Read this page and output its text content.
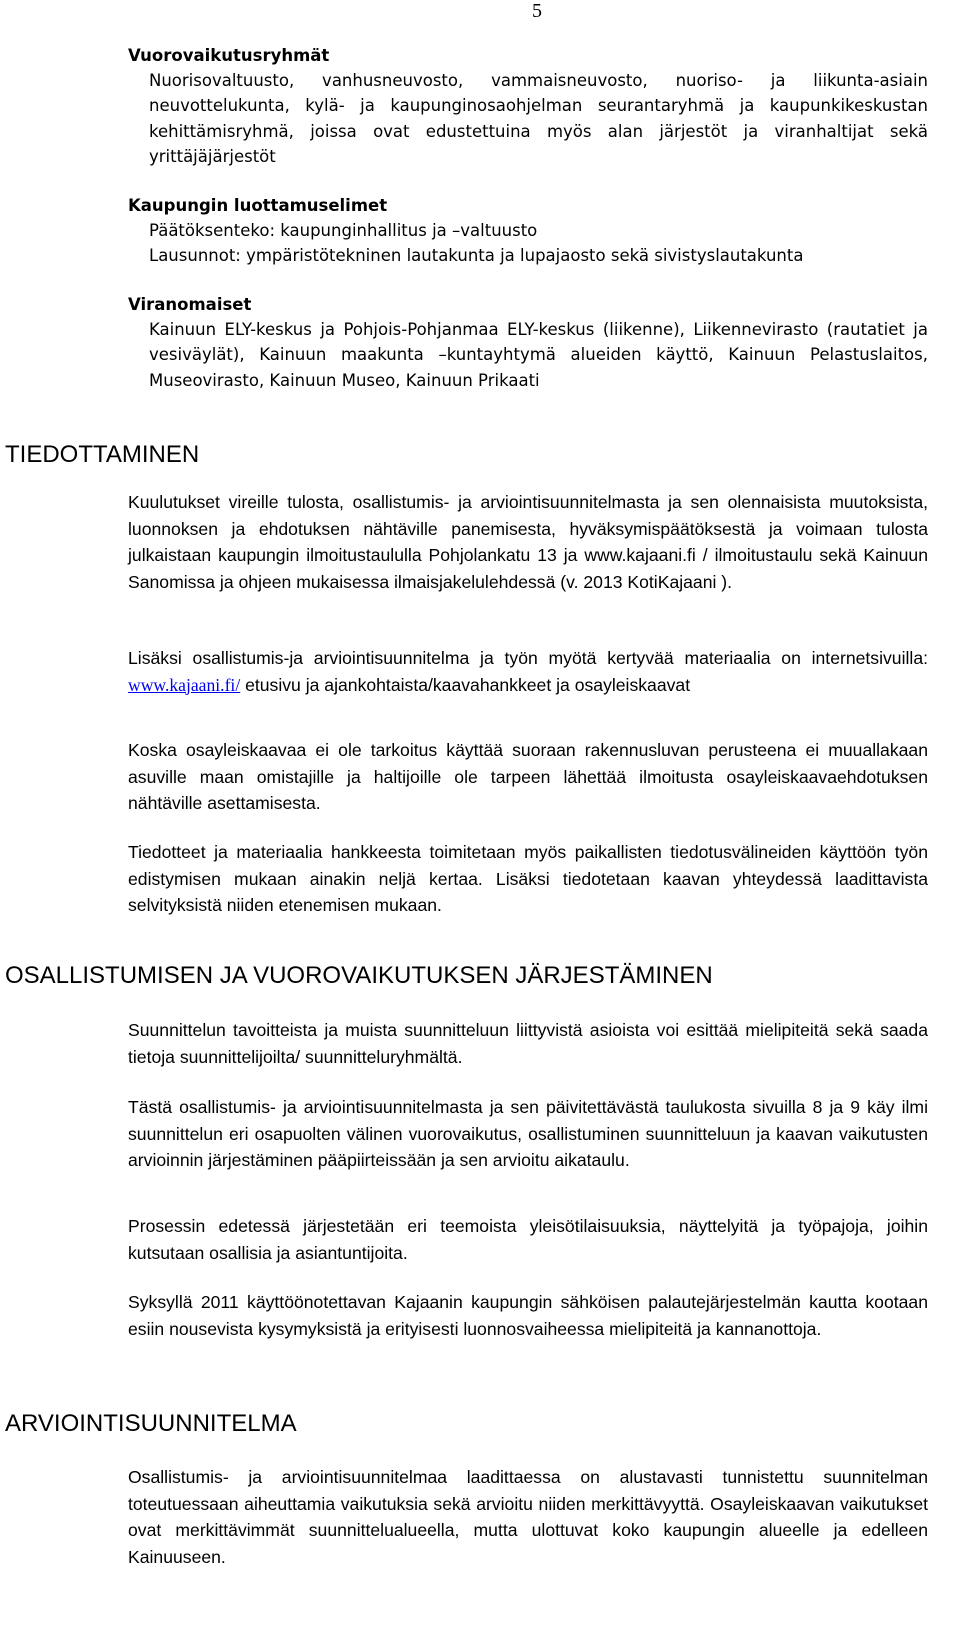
5
Vuorovaikutusryhmät

Nuorisovaltuusto, vanhusneuvosto, vammaisneuvosto, nuoriso- ja liikunta-asiain neuvottelukunta, kylä- ja kaupunginosaohjelman seurantaryhmä ja kaupunkikeskustan kehittämisryhmä, joissa ovat edustettuina myös alan järjestöt ja viranhaltijat sekä yrittäjäjärjestöt

Kaupungin luottamuselimet

Päätöksenteko: kaupunginhallitus ja –valtuusto

Lausunnot: ympäristötekninen lautakunta ja lupajaosto sekä sivistyslautakunta

Viranomaiset

Kainuun ELY-keskus ja Pohjois-Pohjanmaa ELY-keskus (liikenne), Liikennevirasto (rautatiet ja vesiväylät), Kainuun maakunta –kuntayhtymä alueiden käyttö, Kainuun Pelastuslaitos, Museovirasto, Kainuun Museo, Kainuun Prikaati

TIEDOTTAMINEN

Kuulutukset vireille tulosta, osallistumis- ja arviointisuunnitelmasta ja sen olennaisista muutoksista, luonnoksen ja ehdotuksen nähtäville panemisesta, hyväksymispäätöksestä ja voimaan tulosta julkaistaan kaupungin ilmoitustaululla Pohjolankatu 13 ja www.kajaani.fi / ilmoitustaulu sekä Kainuun Sanomissa ja ohjeen mukaisessa ilmaisjakelulehdessä (v. 2013 KotiKajaani ).

Lisäksi osallistumis-ja arviointisuunnitelma ja työn myötä kertyvää materiaalia on internetsivuilla: www.kajaani.fi/ etusivu ja ajankohtaista/kaavahankkeet ja osayleiskaavat

Koska osayleiskaavaa ei ole tarkoitus käyttää suoraan rakennusluvan perusteena ei muuallakaan asuville maan omistajille ja haltijoille ole tarpeen lähettää ilmoitusta osayleiskaavaehdotuksen nähtäville asettamisesta.

Tiedotteet ja materiaalia hankkeesta toimitetaan myös paikallisten tiedotusvälineiden käyttöön työn edistymisen mukaan ainakin neljä kertaa. Lisäksi tiedotetaan kaavan yhteydessä laadittavista selvityksistä niiden etenemisen mukaan.

OSALLISTUMISEN JA VUOROVAIKUTUKSEN JÄRJESTÄMINEN

Suunnittelun tavoitteista ja muista suunnitteluun liittyvistä asioista voi esittää mielipiteitä sekä saada tietoja suunnittelijoilta/ suunnitteluryhmältä.

Tästä osallistumis- ja arviointisuunnitelmasta ja sen päivitettävästä taulukosta sivuilla 8 ja 9 käy ilmi suunnittelun eri osapuolten välinen vuorovaikutus, osallistuminen suunnitteluun ja kaavan vaikutusten arvioinnin järjestäminen pääpiirteissään ja sen arvioitu aikataulu.

Prosessin edetessä järjestetään eri teemoista yleisötilaisuuksia, näyttelyitä ja työpajoja, joihin kutsutaan osallisia ja asiantuntijoita.

Syksyllä 2011 käyttöönotettavan Kajaanin kaupungin sähköisen palautejärjestelmän kautta kootaan esiin nousevista kysymyksistä ja erityisesti luonnosvaiheessa mielipiteitä ja kannanottoja.

ARVIOINTISUUNNITELMA

Osallistumis- ja arviointisuunnitelmaa laadittaessa on alustavasti tunnistettu suunnitelman toteutuessaan aiheuttamia vaikutuksia sekä arvioitu niiden merkittävyyttä. Osayleiskaavan vaikutukset ovat merkittävimmät suunnittelualueella, mutta ulottuvat koko kaupungin alueelle ja edelleen Kainuuseen.
